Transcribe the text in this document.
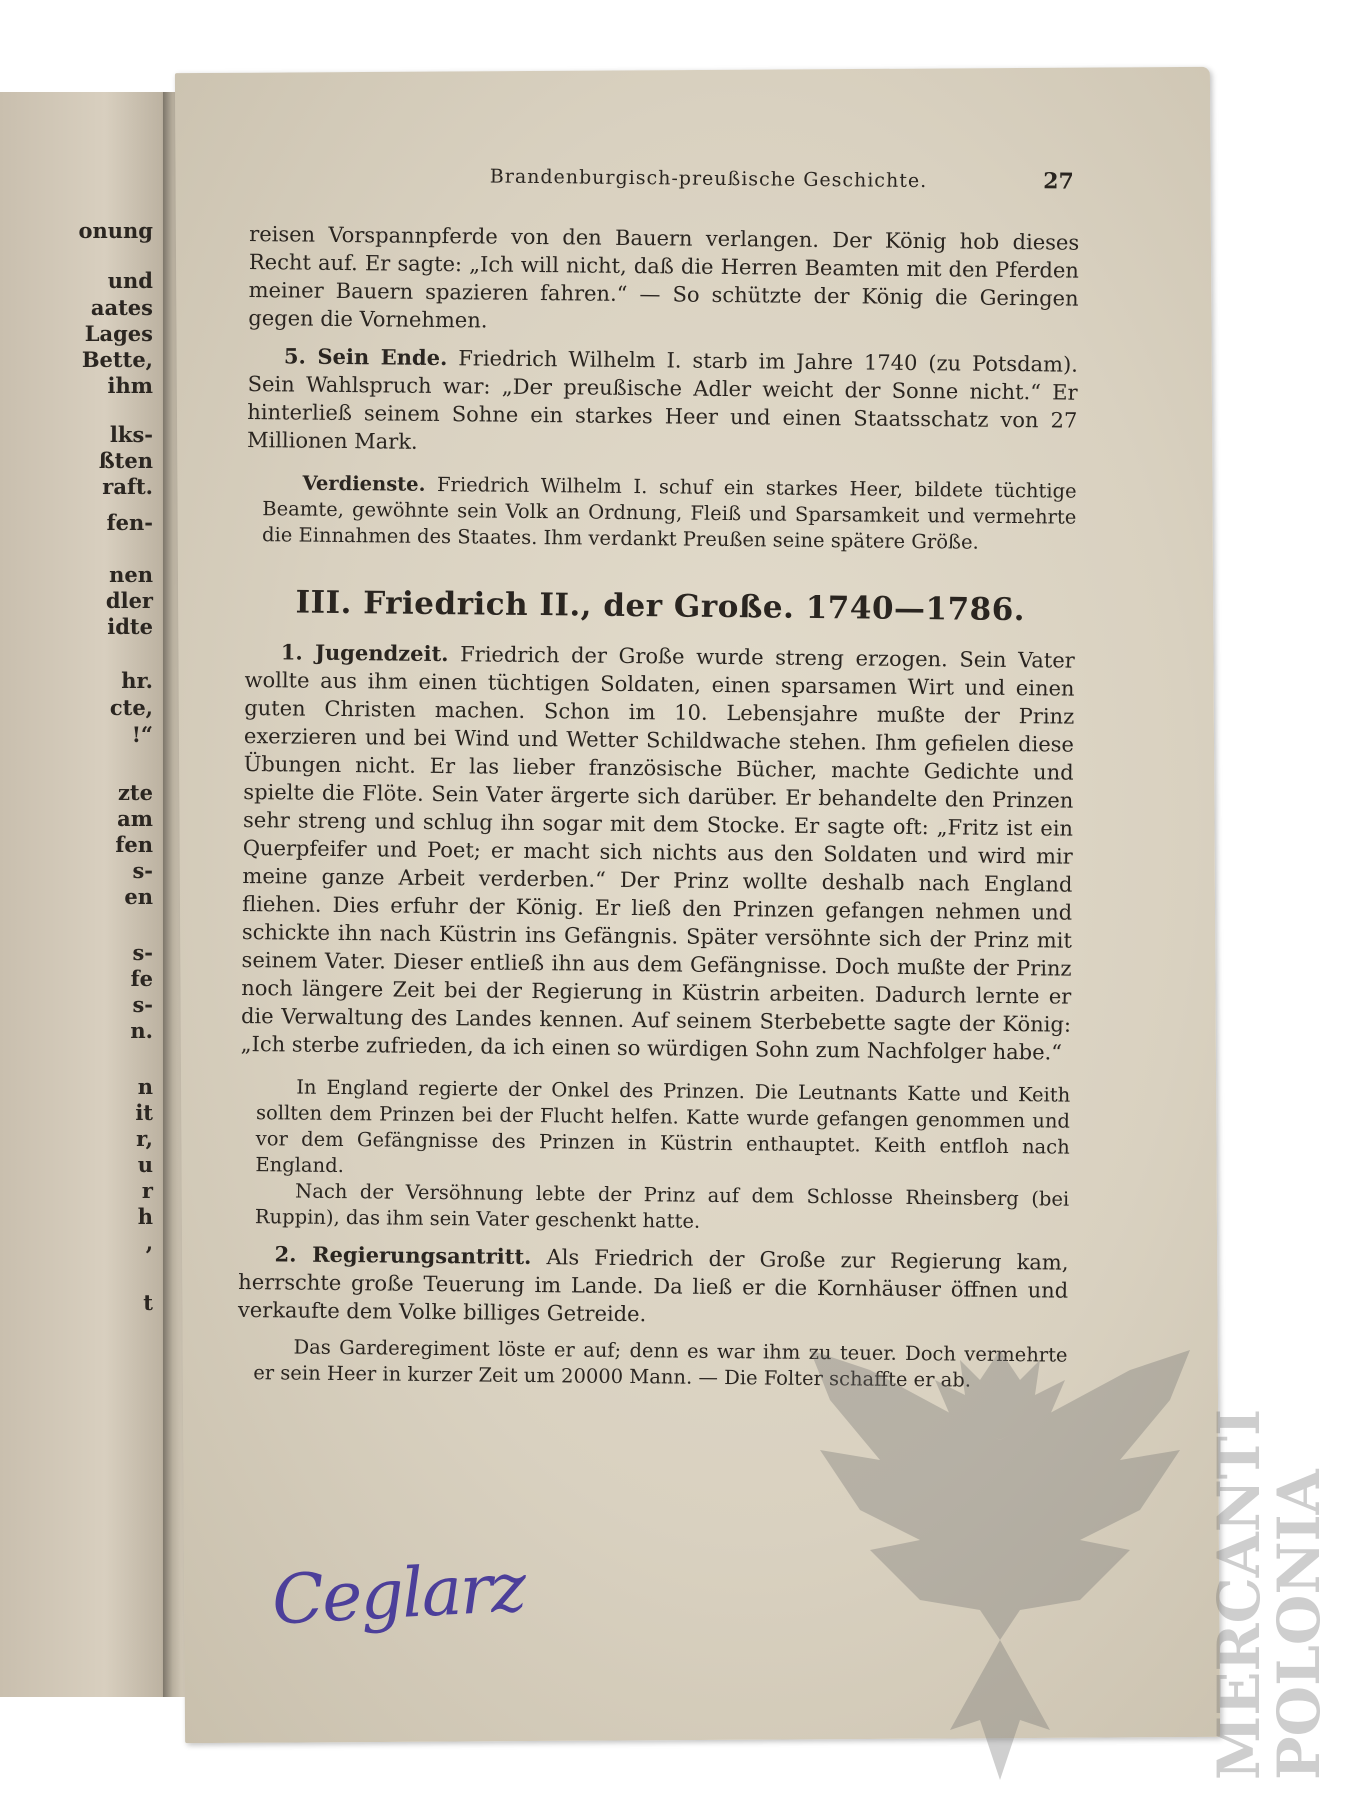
onung
und
aates
Lages
Bette,
ihm
lks-
ßten
raft.
fen-
nen
dler
idte
hr.
cte,
!“
zte
am
fen
s-
en
s-
fe
s-
n.
n
it
r,
u
r
h
,
t
Brandenburgisch-preußische Geschichte.	27

reisen Vorspannpferde von den Bauern verlangen. Der König hob dieses Recht auf. Er sagte: „Ich will nicht, daß die Herren Beamten mit den Pferden meiner Bauern spazieren fahren.“ — So schützte der König die Geringen gegen die Vornehmen.

5. Sein Ende. Friedrich Wilhelm I. starb im Jahre 1740 (zu Potsdam). Sein Wahlspruch war: „Der preußische Adler weicht der Sonne nicht.“ Er hinterließ seinem Sohne ein starkes Heer und einen Staatsschatz von 27 Millionen Mark.

Verdienste. Friedrich Wilhelm I. schuf ein starkes Heer, bildete tüchtige Beamte, gewöhnte sein Volk an Ordnung, Fleiß und Sparsamkeit und vermehrte die Einnahmen des Staates. Ihm verdankt Preußen seine spätere Größe.

III. Friedrich II., der Große. 1740—1786.

1. Jugendzeit. Friedrich der Große wurde streng erzogen. Sein Vater wollte aus ihm einen tüchtigen Soldaten, einen sparsamen Wirt und einen guten Christen machen. Schon im 10. Lebensjahre mußte der Prinz exerzieren und bei Wind und Wetter Schildwache stehen. Ihm gefielen diese Übungen nicht. Er las lieber französische Bücher, machte Gedichte und spielte die Flöte. Sein Vater ärgerte sich darüber. Er behandelte den Prinzen sehr streng und schlug ihn sogar mit dem Stocke. Er sagte oft: „Fritz ist ein Querpfeifer und Poet; er macht sich nichts aus den Soldaten und wird mir meine ganze Arbeit verderben.“ Der Prinz wollte deshalb nach England fliehen. Dies erfuhr der König. Er ließ den Prinzen gefangen nehmen und schickte ihn nach Küstrin ins Gefängnis. Später versöhnte sich der Prinz mit seinem Vater. Dieser entließ ihn aus dem Gefängnisse. Doch mußte der Prinz noch längere Zeit bei der Regierung in Küstrin arbeiten. Dadurch lernte er die Verwaltung des Landes kennen. Auf seinem Sterbebette sagte der König: „Ich sterbe zufrieden, da ich einen so würdigen Sohn zum Nachfolger habe.“

In England regierte der Onkel des Prinzen. Die Leutnants Katte und Keith sollten dem Prinzen bei der Flucht helfen. Katte wurde gefangen genommen und vor dem Gefängnisse des Prinzen in Küstrin enthauptet. Keith entfloh nach England.

Nach der Versöhnung lebte der Prinz auf dem Schlosse Rheinsberg (bei Ruppin), das ihm sein Vater geschenkt hatte.

2. Regierungsantritt. Als Friedrich der Große zur Regierung kam, herrschte große Teuerung im Lande. Da ließ er die Kornhäuser öffnen und verkaufte dem Volke billiges Getreide.

Das Garderegiment löste er auf; denn es war ihm zu teuer. Doch vermehrte er sein Heer in kurzer Zeit um 20000 Mann. — Die Folter schaffte er ab.

Ceglarz	MERCANTI
POLONIA
